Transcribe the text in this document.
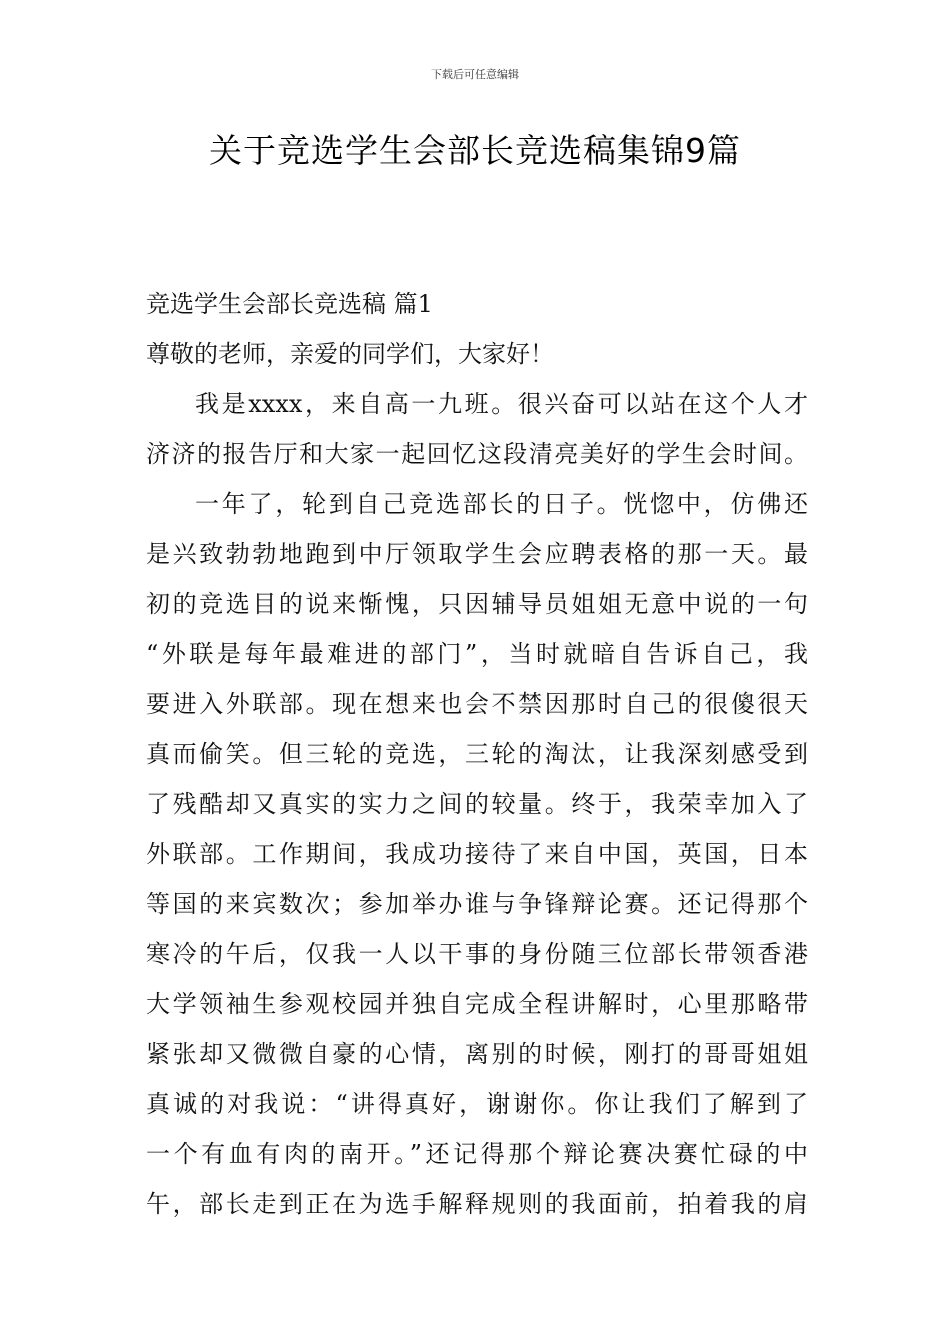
下载后可任意编辑
关于竞选学生会部长竞选稿集锦9篇
竞选学生会部长竞选稿 篇1
尊敬的老师，亲爱的同学们，大家好！
我是xxxx，来自高一九班。很兴奋可以站在这个人才
济济的报告厅和大家一起回忆这段清亮美好的学生会时间。
一年了，轮到自己竞选部长的日子。恍惚中，仿佛还
是兴致勃勃地跑到中厅领取学生会应聘表格的那一天。最
初的竞选目的说来惭愧，只因辅导员姐姐无意中说的一句
“外联是每年最难进的部门”，当时就暗自告诉自己，我
要进入外联部。现在想来也会不禁因那时自己的很傻很天
真而偷笑。但三轮的竞选，三轮的淘汰，让我深刻感受到
了残酷却又真实的实力之间的较量。终于，我荣幸加入了
外联部。工作期间，我成功接待了来自中国，英国，日本
等国的来宾数次；参加举办谁与争锋辩论赛。还记得那个
寒冷的午后，仅我一人以干事的身份随三位部长带领香港
大学领袖生参观校园并独自完成全程讲解时，心里那略带
紧张却又微微自豪的心情，离别的时候，刚打的哥哥姐姐
真诚的对我说：“讲得真好，谢谢你。你让我们了解到了
一个有血有肉的南开。”还记得那个辩论赛决赛忙碌的中
午，部长走到正在为选手解释规则的我面前，拍着我的肩
